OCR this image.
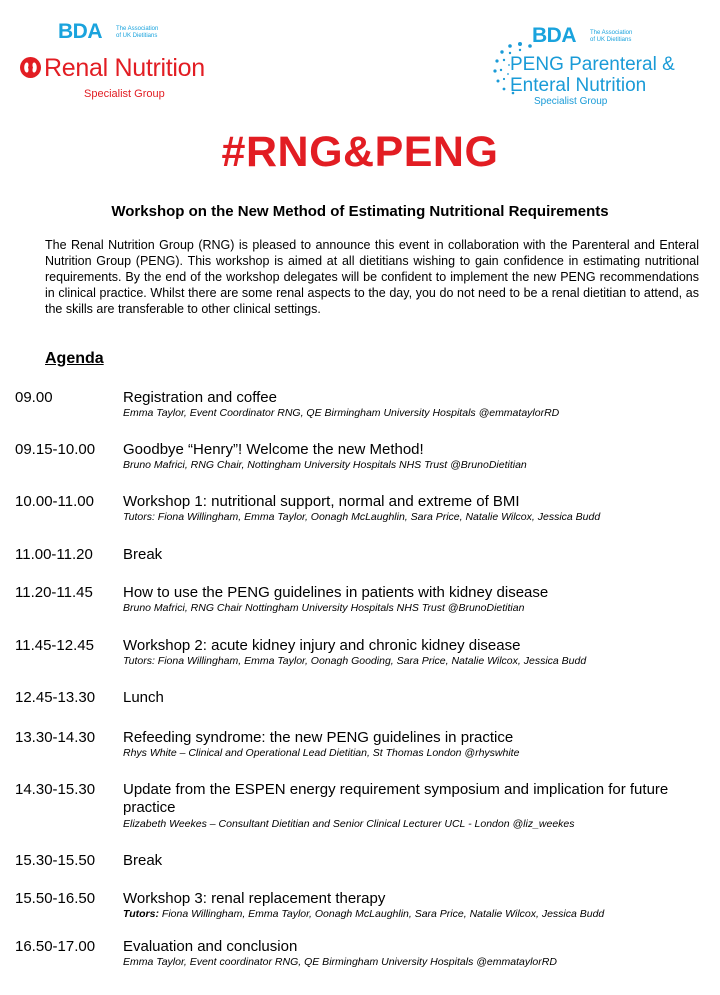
BDA The Association
of UK Dietitians
Renal Nutrition
Specialist Group
BDA The Association
of UK Dietitians
PENG Parenteral &
Enteral Nutrition
Specialist Group
#RNG&PENG
Workshop on the New Method of Estimating Nutritional Requirements
The Renal Nutrition Group (RNG) is pleased to announce this event in collaboration with the Parenteral and Enteral Nutrition Group (PENG). This workshop is aimed at all dietitians wishing to gain confidence in estimating nutritional requirements. By the end of the workshop delegates will be confident to implement the new PENG recommendations in clinical practice. Whilst there are some renal aspects to the day, you do not need to be a renal dietitian to attend, as the skills are transferable to other clinical settings.
Agenda
09.00	Registration and coffee
Emma Taylor, Event Coordinator RNG, QE Birmingham University Hospitals @emmataylorRD
09.15-10.00 Goodbye “Henry”! Welcome the new Method!
Bruno Mafrici, RNG Chair, Nottingham University Hospitals NHS Trust @BrunoDietitian
10.00-11.00 Workshop 1: nutritional support, normal and extreme of BMI
Tutors: Fiona Willingham, Emma Taylor, Oonagh McLaughlin, Sara Price, Natalie Wilcox, Jessica Budd
11.00-11.20 Break
11.20-11.45 How to use the PENG guidelines in patients with kidney disease
Bruno Mafrici, RNG Chair Nottingham University Hospitals NHS Trust @BrunoDietitian
11.45-12.45 Workshop 2: acute kidney injury and chronic kidney disease
Tutors: Fiona Willingham, Emma Taylor, Oonagh Gooding, Sara Price, Natalie Wilcox, Jessica Budd
12.45-13.30 Lunch
13.30-14.30 Refeeding syndrome: the new PENG guidelines in practice
Rhys White – Clinical and Operational Lead Dietitian, St Thomas London @rhyswhite
14.30-15.30 Update from the ESPEN energy requirement symposium and implication for future practice
Elizabeth Weekes – Consultant Dietitian and Senior Clinical Lecturer UCL - London @liz_weekes
15.30-15.50 Break
15.50-16.50 Workshop 3: renal replacement therapy
Tutors: Fiona Willingham, Emma Taylor, Oonagh McLaughlin, Sara Price, Natalie Wilcox, Jessica Budd
16.50-17.00 Evaluation and conclusion
Emma Taylor, Event coordinator RNG, QE Birmingham University Hospitals @emmataylorRD
